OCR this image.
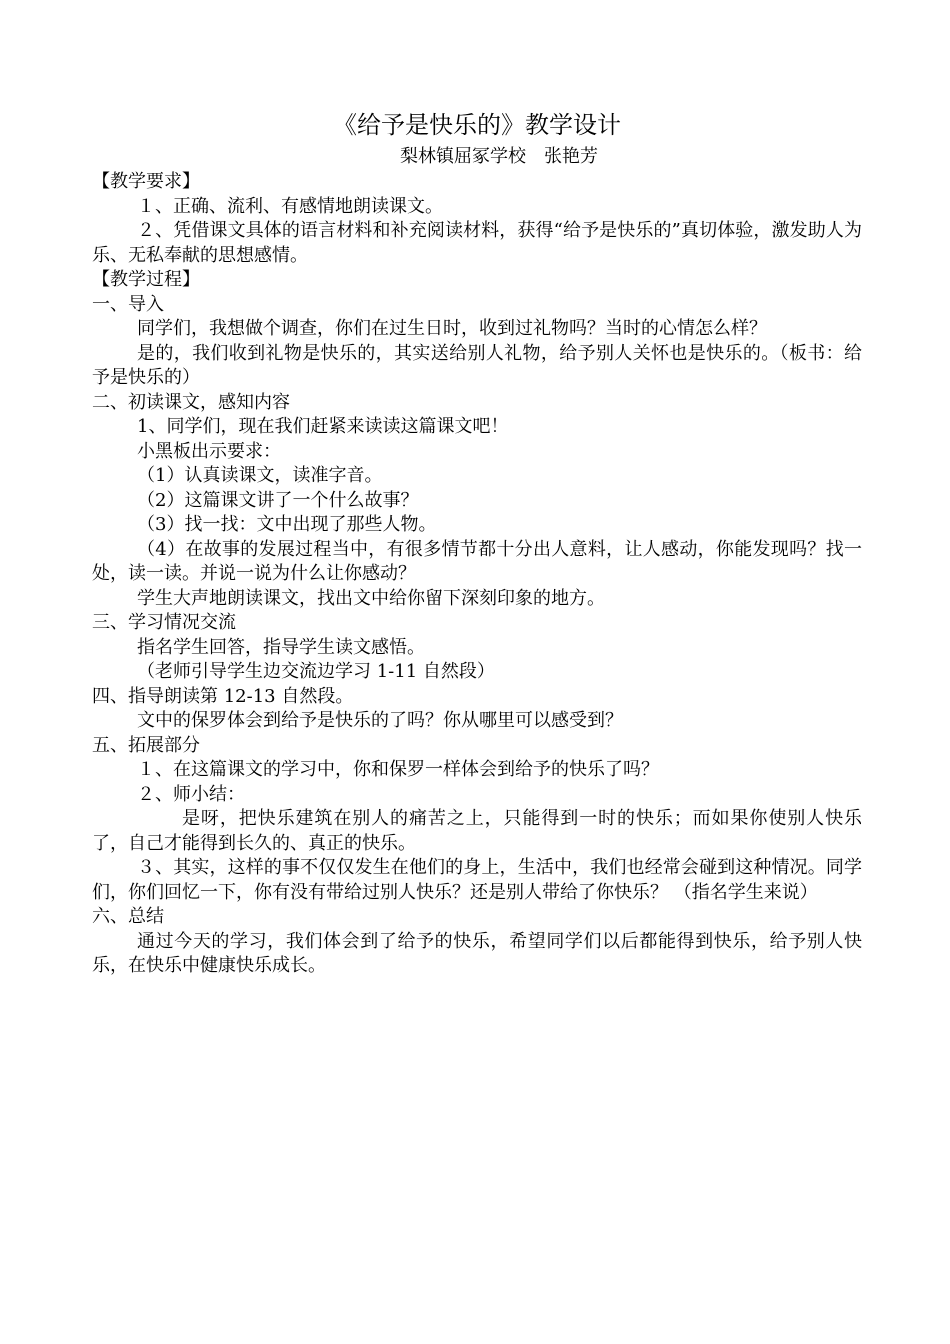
《给予是快乐的》教学设计
梨林镇屈冢学校　张艳芳
【教学要求】
１、正确、流利、有感情地朗读课文。
２、凭借课文具体的语言材料和补充阅读材料，获得“给予是快乐的”真切体验，激发助人为乐、无私奉献的思想感情。
【教学过程】
一、导入
同学们，我想做个调查，你们在过生日时，收到过礼物吗？当时的心情怎么样？
是的，我们收到礼物是快乐的，其实送给别人礼物，给予别人关怀也是快乐的。（板书：给予是快乐的）
二、初读课文，感知内容
1、同学们，现在我们赶紧来读读这篇课文吧！
小黑板出示要求：
（1）认真读课文，读准字音。
（2）这篇课文讲了一个什么故事？
（3）找一找：文中出现了那些人物。
（4）在故事的发展过程当中，有很多情节都十分出人意料，让人感动，你能发现吗？找一处，读一读。并说一说为什么让你感动？
学生大声地朗读课文，找出文中给你留下深刻印象的地方。
三、学习情况交流
指名学生回答，指导学生读文感悟。
（老师引导学生边交流边学习 1-11 自然段）
四、指导朗读第 12-13 自然段。
文中的保罗体会到给予是快乐的了吗？你从哪里可以感受到？
五、拓展部分
１、在这篇课文的学习中，你和保罗一样体会到给予的快乐了吗？
２、师小结：
是呀，把快乐建筑在别人的痛苦之上，只能得到一时的快乐；而如果你使别人快乐了，自己才能得到长久的、真正的快乐。
３、其实，这样的事不仅仅发生在他们的身上，生活中，我们也经常会碰到这种情况。同学们，你们回忆一下，你有没有带给过别人快乐？还是别人带给了你快乐？ （指名学生来说）
六、总结
通过今天的学习，我们体会到了给予的快乐，希望同学们以后都能得到快乐，给予别人快乐，在快乐中健康快乐成长。
